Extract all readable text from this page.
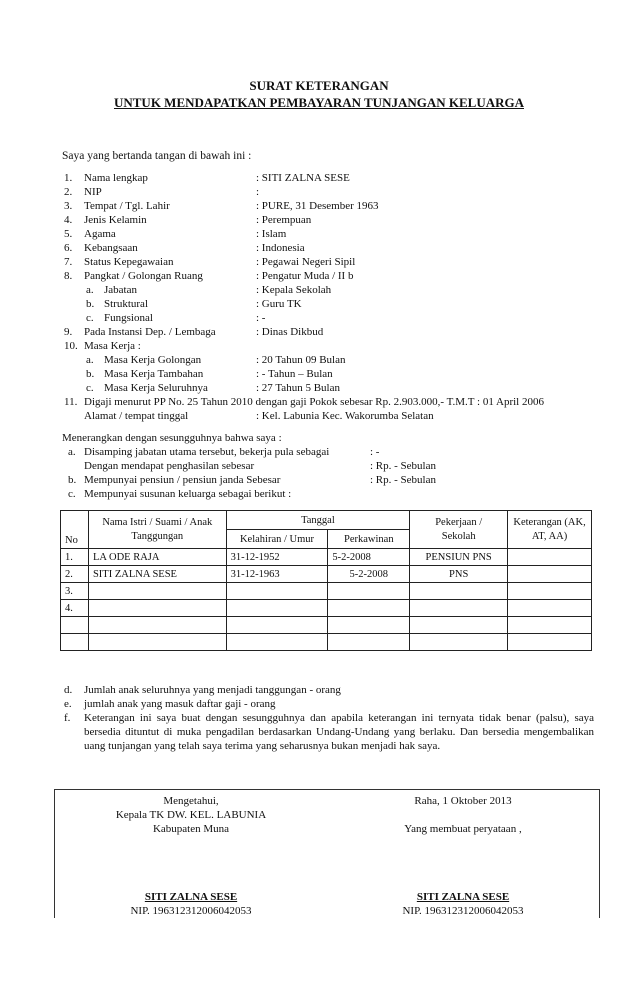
SURAT KETERANGAN
UNTUK MENDAPATKAN PEMBAYARAN TUNJANGAN KELUARGA
Saya yang bertanda tangan di bawah ini :
1. Nama lengkap	: SITI ZALNA SESE
2. NIP	:
3. Tempat / Tgl. Lahir	: PURE, 31 Desember 1963
4. Jenis Kelamin	: Perempuan
5. Agama	: Islam
6. Kebangsaan	: Indonesia
7. Status Kepegawaian	: Pegawai Negeri Sipil
8. Pangkat / Golongan Ruang	: Pengatur Muda / II b
a. Jabatan	: Kepala Sekolah
b. Struktural	: Guru TK
c. Fungsional	: -
9. Pada Instansi Dep. / Lembaga	: Dinas Dikbud
10. Masa Kerja :
a. Masa Kerja Golongan	: 20 Tahun 09 Bulan
b. Masa Kerja Tambahan	: - Tahun – Bulan
c. Masa Kerja Seluruhnya	: 27 Tahun 5 Bulan
11. Digaji menurut PP No. 25 Tahun 2010 dengan gaji Pokok sebesar Rp. 2.903.000,- T.M.T : 01 April 2006
Alamat / tempat tinggal	: Kel. Labunia Kec. Wakorumba Selatan
Menerangkan dengan sesungguhnya bahwa saya :
a. Disamping jabatan utama tersebut, bekerja pula sebagai	: -
Dengan mendapat penghasilan sebesar	: Rp. - Sebulan
b. Mempunyai pensiun / pensiun janda Sebesar	: Rp. - Sebulan
c. Mempunyai susunan keluarga sebagai berikut :
No	Nama Istri / Suami / Anak Tanggungan	Tanggal		Pekerjaan / Sekolah	Keterangan (AK, AT, AA)
		Kelahiran / Umur	Perkawinan		
1.	LA ODE RAJA	31-12-1952	5-2-2008	PENSIUN PNS	
2.	SITI ZALNA SESE	31-12-1963	5-2-2008	PNS	
3.					
4.					

d. Jumlah anak seluruhnya yang menjadi tanggungan - orang
e. jumlah anak yang masuk daftar gaji - orang
f. Keterangan ini saya buat dengan sesungguhnya dan apabila keterangan ini ternyata tidak benar (palsu), saya bersedia dituntut di muka pengadilan berdasarkan Undang-Undang yang berlaku. Dan bersedia mengembalikan uang tunjangan yang telah saya terima yang seharusnya bukan menjadi hak saya.
Mengetahui,
Kepala TK DW. KEL. LABUNIA
Kabupaten Muna
SITI ZALNA SESE
NIP. 196312312006042053
Raha, 1 Oktober 2013
Yang membuat peryataan ,
SITI ZALNA SESE
NIP. 196312312006042053
